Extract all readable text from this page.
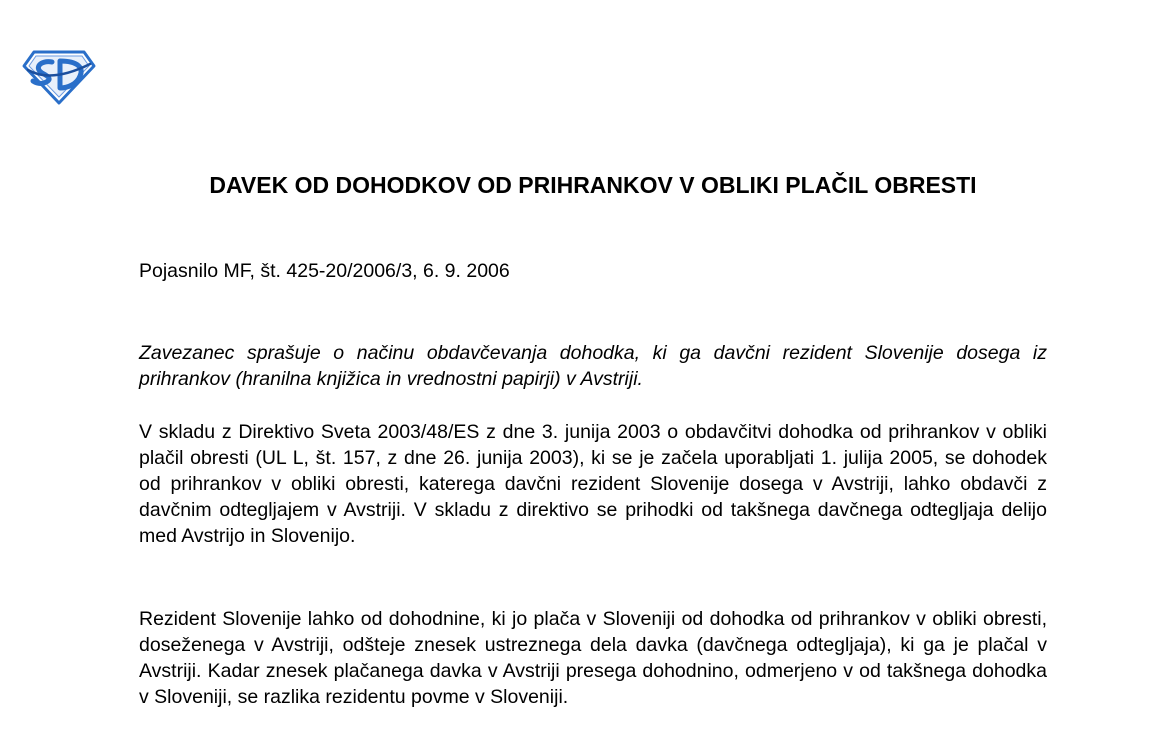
DAVEK OD DOHODKOV OD PRIHRANKOV V OBLIKI PLAČIL OBRESTI

Pojasnilo MF, št. 425-20/2006/3, 6. 9. 2006

Zavezanec sprašuje o načinu obdavčevanja dohodka, ki ga davčni rezident Slovenije dosega iz prihrankov (hranilna knjižica in vrednostni papirji) v Avstriji.

V skladu z Direktivo Sveta 2003/48/ES z dne 3. junija 2003 o obdavčitvi dohodka od prihrankov v obliki plačil obresti (UL L, št. 157, z dne 26. junija 2003), ki se je začela uporabljati 1. julija 2005, se dohodek od prihrankov v obliki obresti, katerega davčni rezident Slovenije dosega v Avstriji, lahko obdavči z davčnim odtegljajem v Avstriji. V skladu z direktivo se prihodki od takšnega davčnega odtegljaja delijo med Avstrijo in Slovenijo.

Rezident Slovenije lahko od dohodnine, ki jo plača v Sloveniji od dohodka od prihrankov v obliki obresti, doseženega v Avstriji, odšteje znesek ustreznega dela davka (davčnega odtegljaja), ki ga je plačal v Avstriji. Kadar znesek plačanega davka v Avstriji presega dohodnino, odmerjeno v od takšnega dohodka v Sloveniji, se razlika rezidentu povme v Sloveniji.
